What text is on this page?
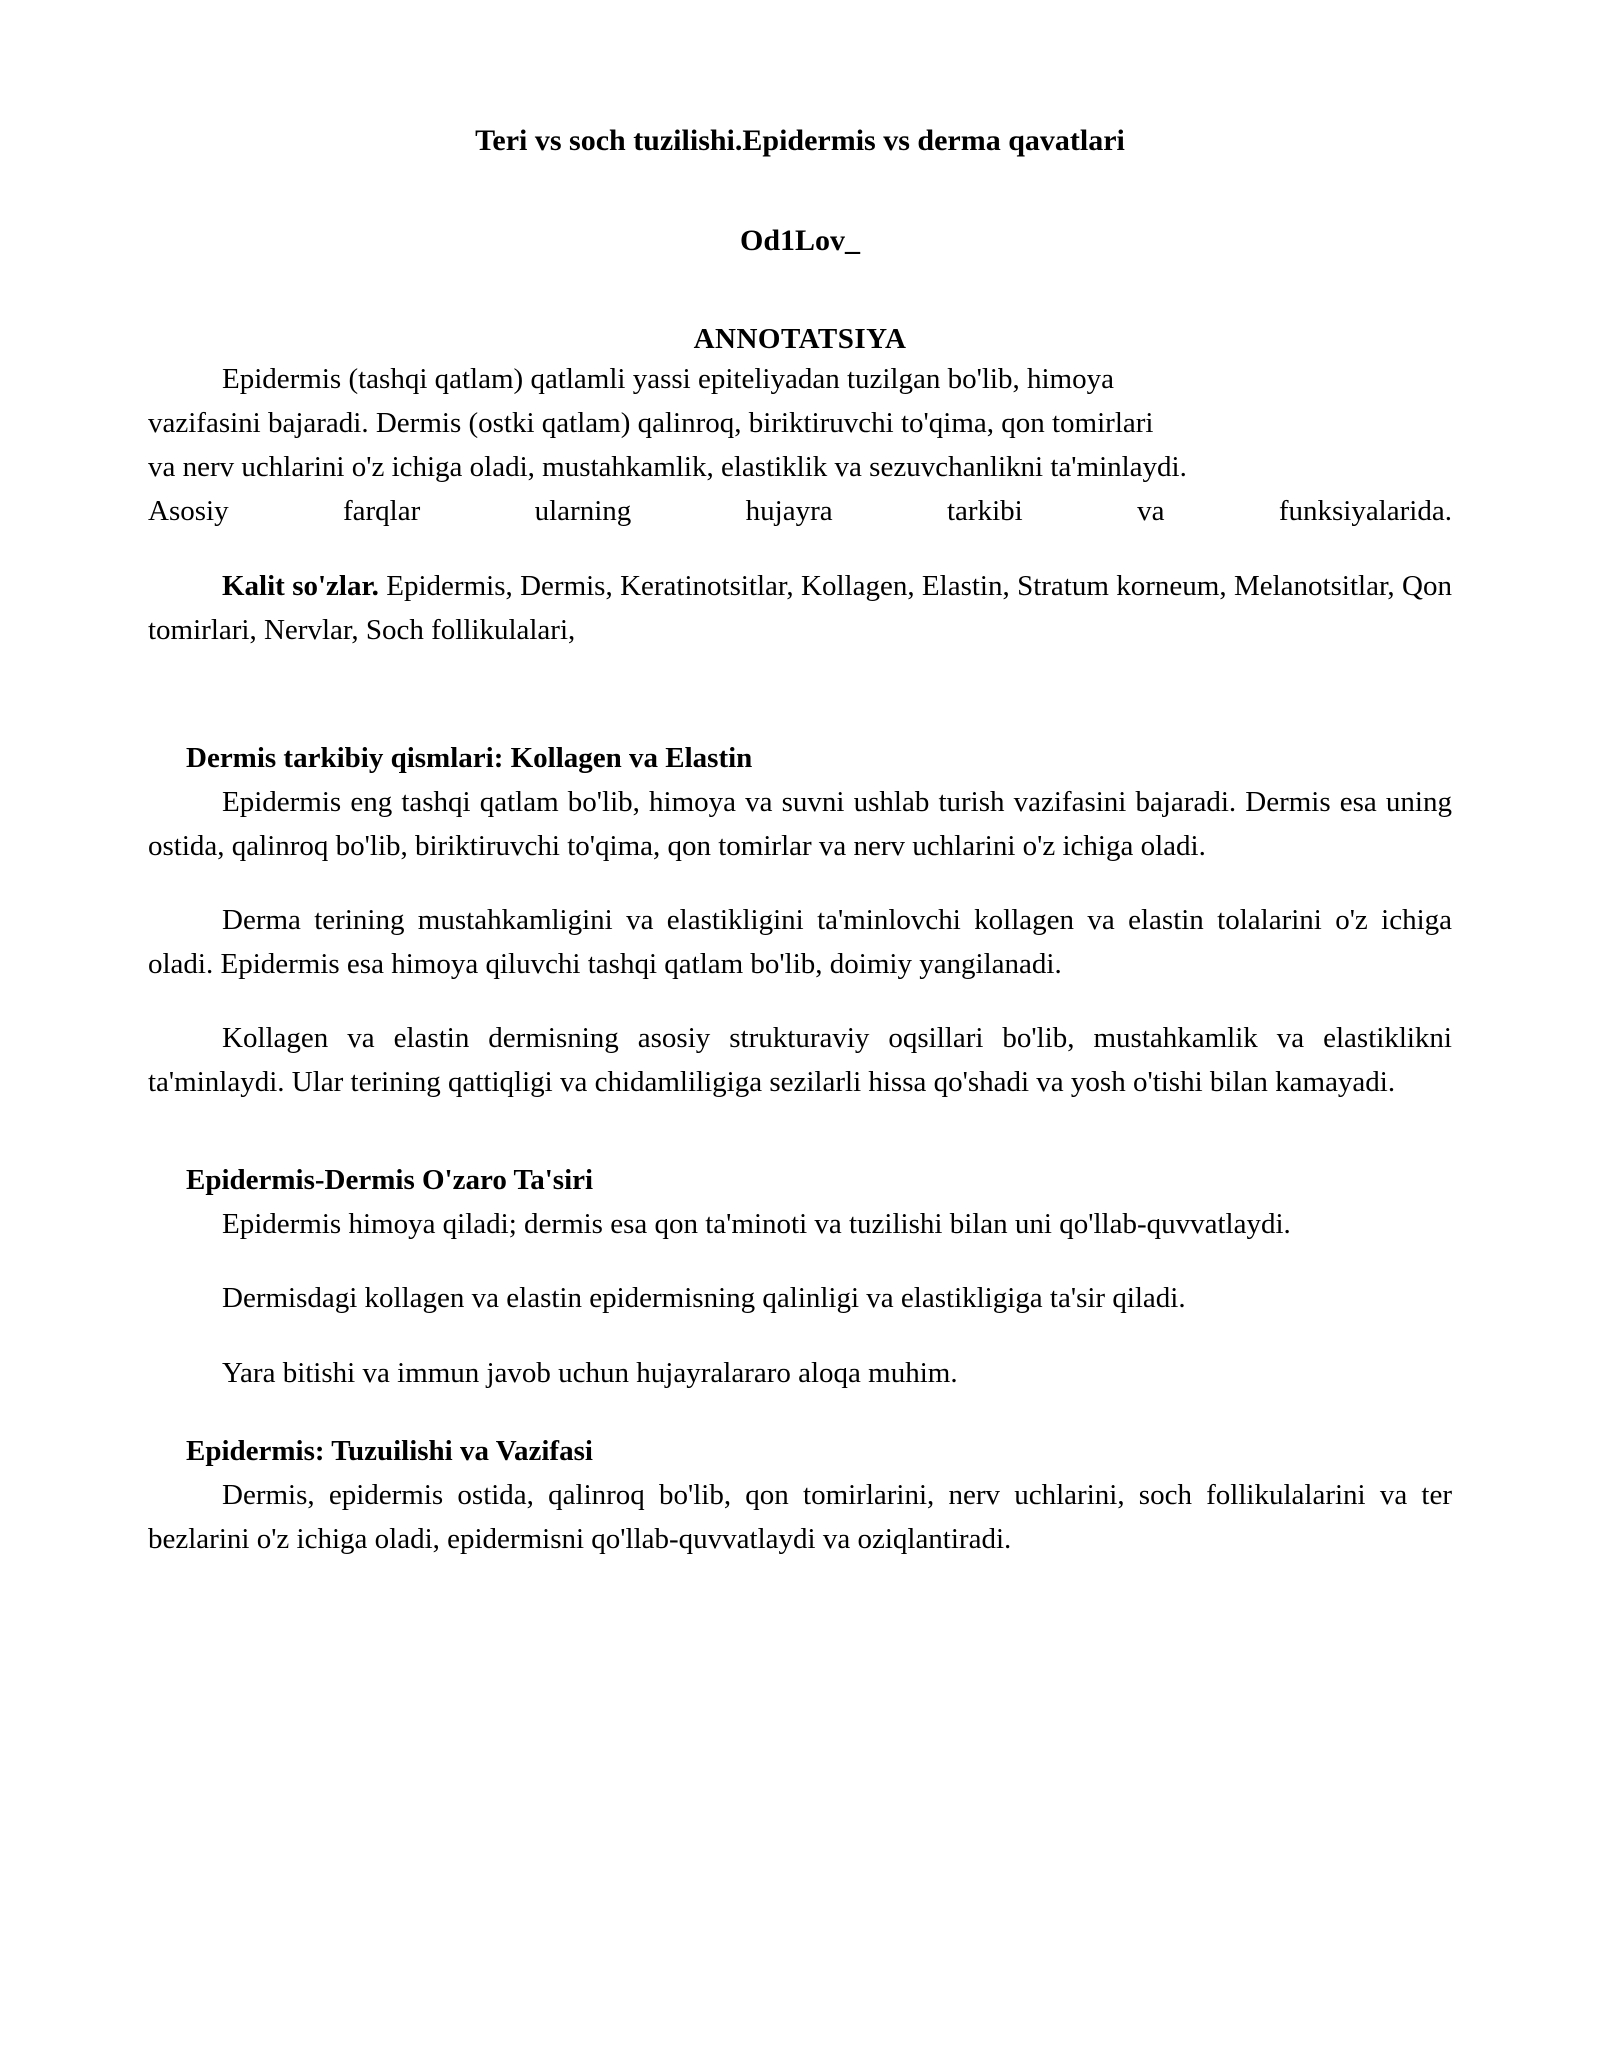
Teri vs soch tuzilishi.Epidermis vs derma qavatlari
Od1Lov_
ANNOTATSIYA

Epidermis (tashqi qatlam) qatlamli yassi epiteliyadan tuzilgan bo'lib, himoya

vazifasini bajaradi. Dermis (ostki qatlam) qalinroq, biriktiruvchi to'qima, qon tomirlari

va nerv uchlarini o'z ichiga oladi, mustahkamlik, elastiklik va sezuvchanlikni ta'minlaydi.

Asosiy	farqlar	ularning	hujayra	tarkibi	va	funksiyalarida.

Kalit so'zlar. Epidermis, Dermis, Keratinotsitlar, Kollagen, Elastin, Stratum korneum, Melanotsitlar, Qon tomirlari, Nervlar, Soch follikulalari,

Dermis tarkibiy qismlari: Kollagen va Elastin

Epidermis eng tashqi qatlam bo'lib, himoya va suvni ushlab turish vazifasini bajaradi. Dermis esa uning ostida, qalinroq bo'lib, biriktiruvchi to'qima, qon tomirlar va nerv uchlarini o'z ichiga oladi.

Derma terining mustahkamligini va elastikligini ta'minlovchi kollagen va elastin tolalarini o'z ichiga oladi. Epidermis esa himoya qiluvchi tashqi qatlam bo'lib, doimiy yangilanadi.

Kollagen va elastin dermisning asosiy strukturaviy oqsillari bo'lib, mustahkamlik va elastiklikni ta'minlaydi. Ular terining qattiqligi va chidamliligiga sezilarli hissa qo'shadi va yosh o'tishi bilan kamayadi.

Epidermis-Dermis O'zaro Ta'siri

Epidermis himoya qiladi; dermis esa qon ta'minoti va tuzilishi bilan uni qo'llab-quvvatlaydi.

Dermisdagi kollagen va elastin epidermisning qalinligi va elastikligiga ta'sir qiladi.

Yara bitishi va immun javob uchun hujayralararo aloqa muhim.

Epidermis: Tuzuilishi va Vazifasi

Dermis, epidermis ostida, qalinroq bo'lib, qon tomirlarini, nerv uchlarini, soch follikulalarini va ter bezlarini o'z ichiga oladi, epidermisni qo'llab-quvvatlaydi va oziqlantiradi.
